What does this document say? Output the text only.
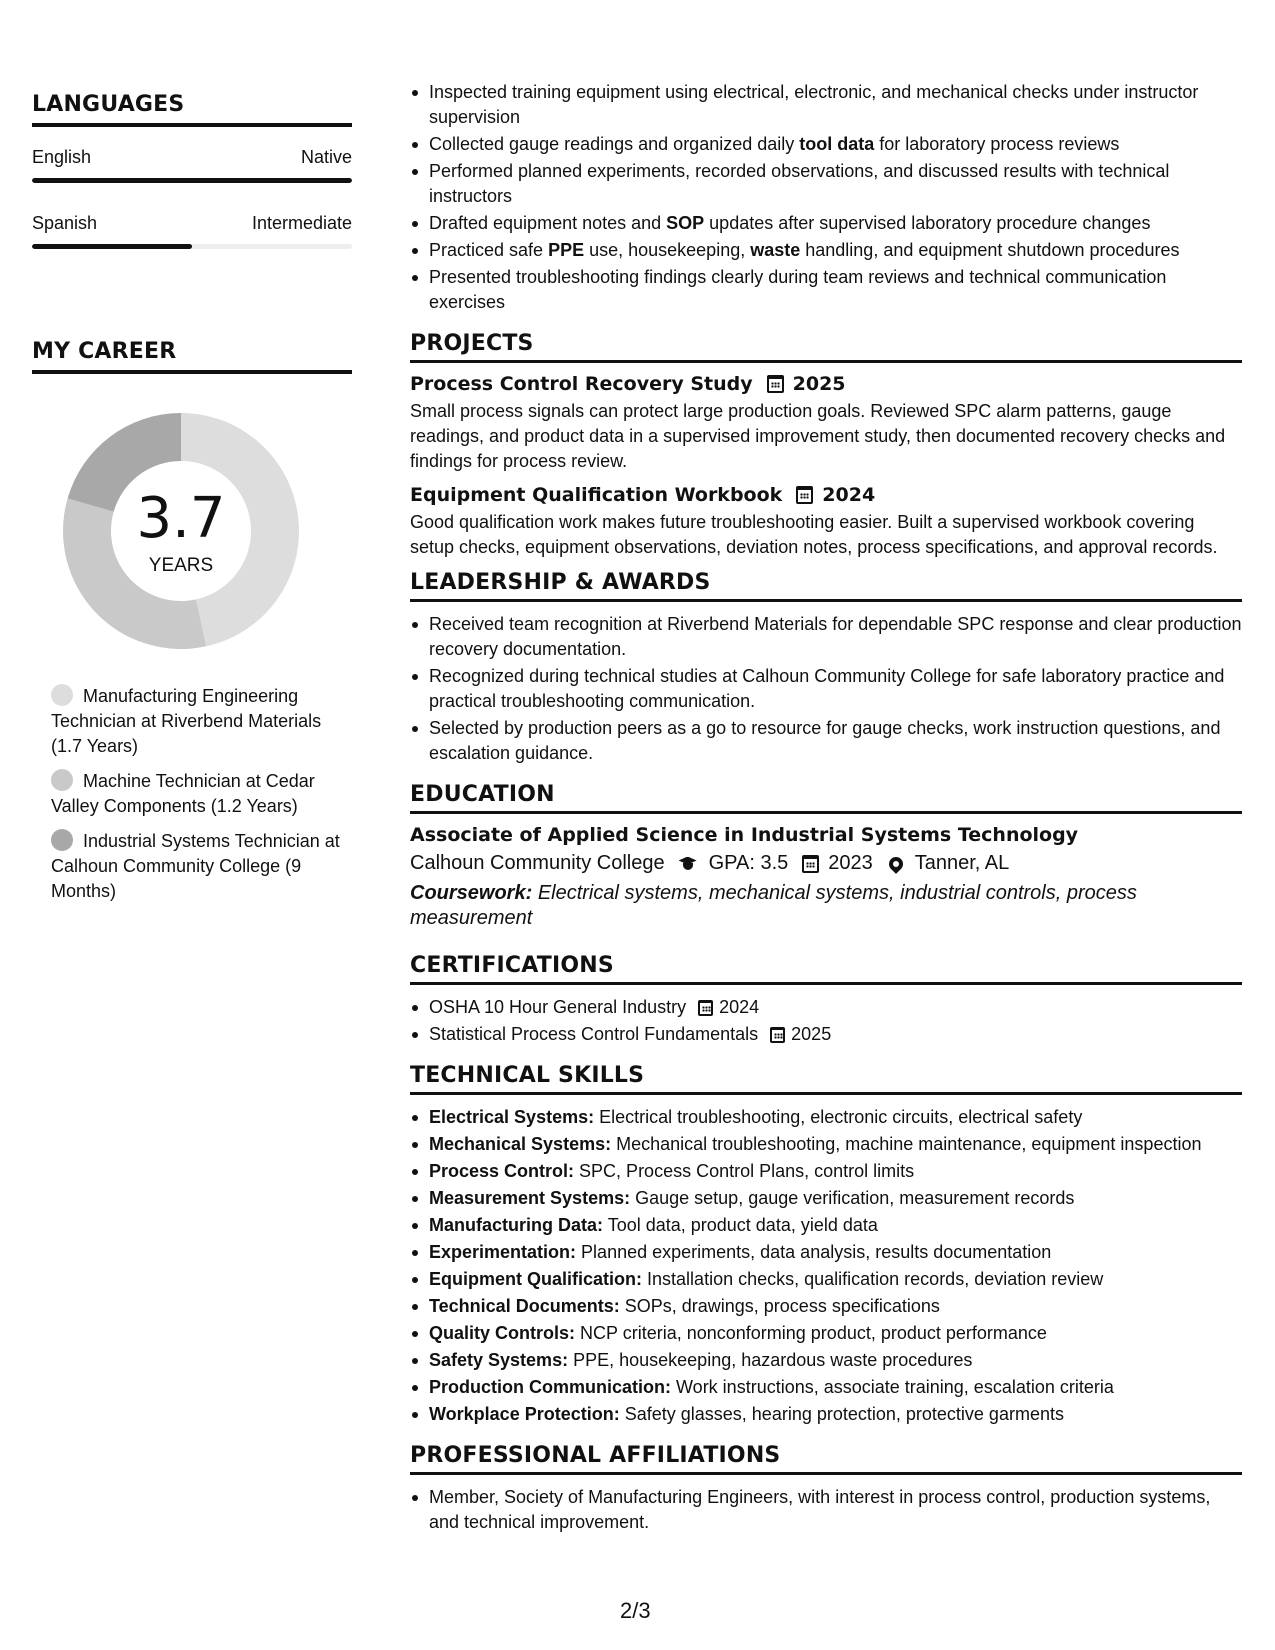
LANGUAGES
English	Native
Spanish	Intermediate
MY CAREER
3.7
YEARS
Manufacturing Engineering Technician at Riverbend Materials (1.7 Years)
Machine Technician at Cedar Valley Components (1.2 Years)
Industrial Systems Technician at Calhoun Community College (9 Months)
Inspected training equipment using electrical, electronic, and mechanical checks under instructor supervision
Collected gauge readings and organized daily tool data for laboratory process reviews
Performed planned experiments, recorded observations, and discussed results with technical instructors
Drafted equipment notes and SOP updates after supervised laboratory procedure changes
Practiced safe PPE use, housekeeping, waste handling, and equipment shutdown procedures
Presented troubleshooting findings clearly during team reviews and technical communication exercises
PROJECTS
Process Control Recovery Study 2025
Small process signals can protect large production goals. Reviewed SPC alarm patterns, gauge readings, and product data in a supervised improvement study, then documented recovery checks and findings for process review.
Equipment Qualification Workbook 2024
Good qualification work makes future troubleshooting easier. Built a supervised workbook covering setup checks, equipment observations, deviation notes, process specifications, and approval records.
LEADERSHIP & AWARDS
Received team recognition at Riverbend Materials for dependable SPC response and clear production recovery documentation.
Recognized during technical studies at Calhoun Community College for safe laboratory practice and practical troubleshooting communication.
Selected by production peers as a go to resource for gauge checks, work instruction questions, and escalation guidance.
EDUCATION
Associate of Applied Science in Industrial Systems Technology
Calhoun Community College GPA: 3.5 2023 Tanner, AL
Coursework: Electrical systems, mechanical systems, industrial controls, process measurement
CERTIFICATIONS
OSHA 10 Hour General Industry 2024
Statistical Process Control Fundamentals 2025
TECHNICAL SKILLS
Electrical Systems: Electrical troubleshooting, electronic circuits, electrical safety
Mechanical Systems: Mechanical troubleshooting, machine maintenance, equipment inspection
Process Control: SPC, Process Control Plans, control limits
Measurement Systems: Gauge setup, gauge verification, measurement records
Manufacturing Data: Tool data, product data, yield data
Experimentation: Planned experiments, data analysis, results documentation
Equipment Qualification: Installation checks, qualification records, deviation review
Technical Documents: SOPs, drawings, process specifications
Quality Controls: NCP criteria, nonconforming product, product performance
Safety Systems: PPE, housekeeping, hazardous waste procedures
Production Communication: Work instructions, associate training, escalation criteria
Workplace Protection: Safety glasses, hearing protection, protective garments
PROFESSIONAL AFFILIATIONS
Member, Society of Manufacturing Engineers, with interest in process control, production systems, and technical improvement.
2/3
